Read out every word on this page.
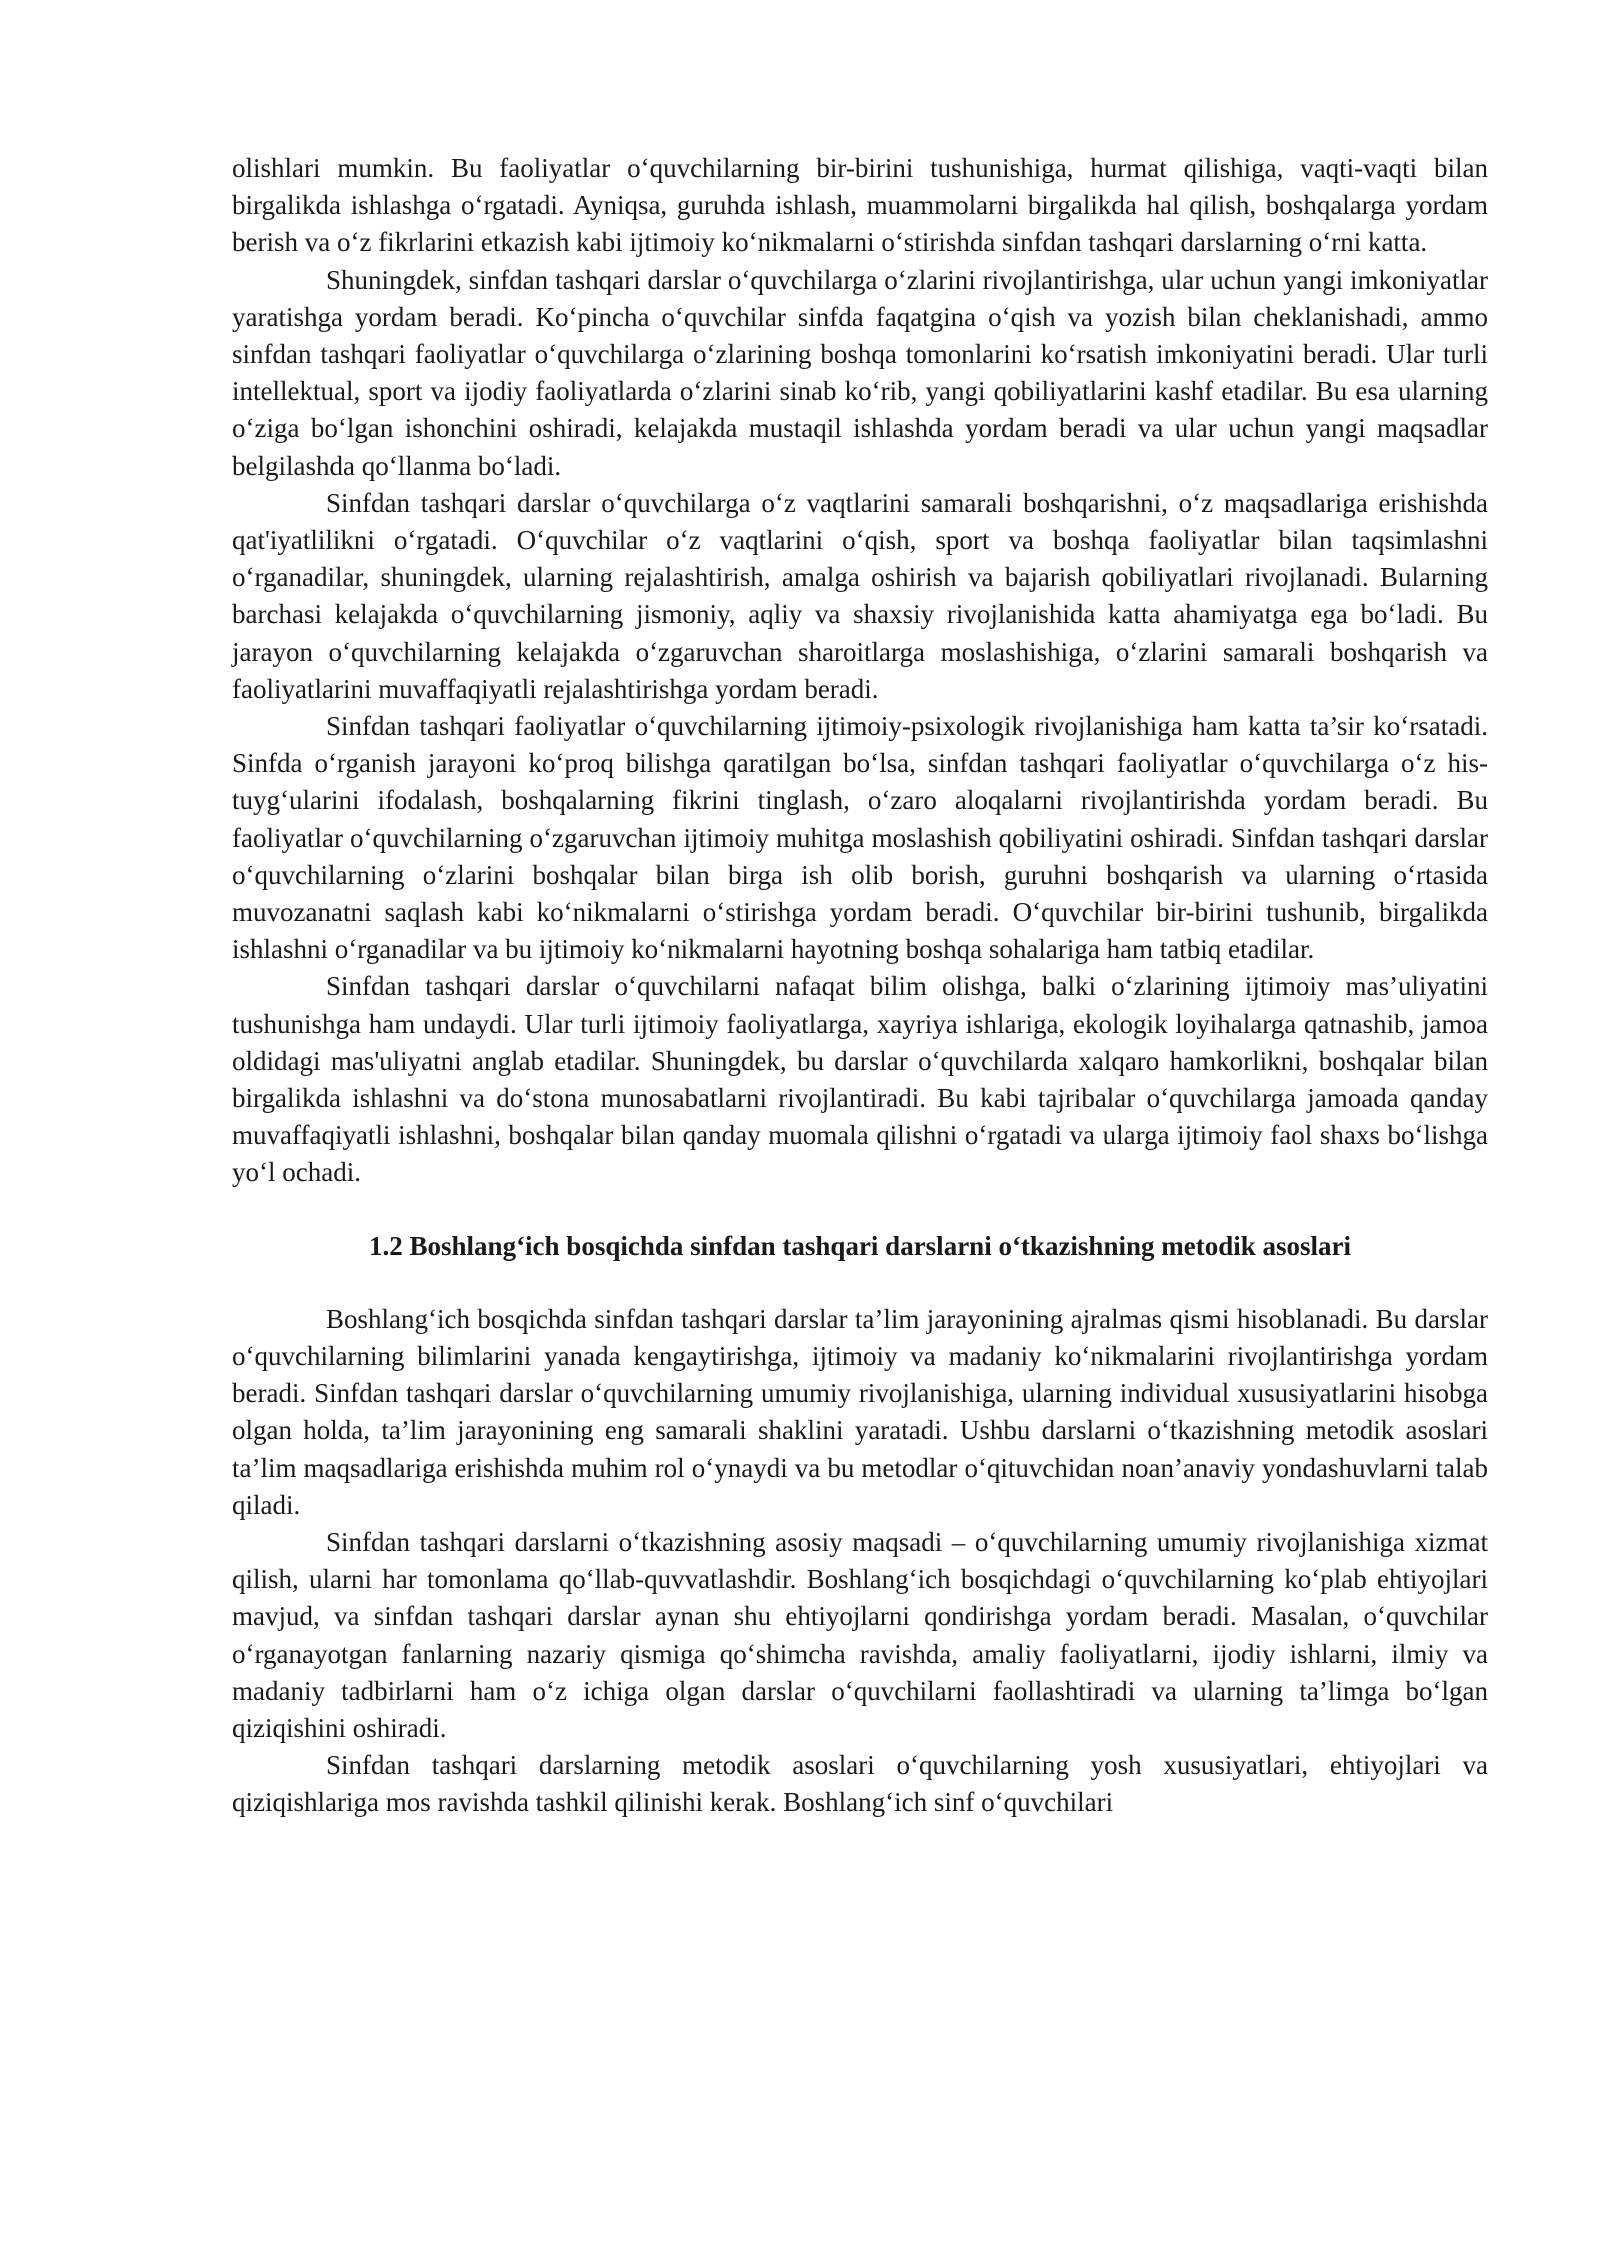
olishlari mumkin. Bu faoliyatlar o‘quvchilarning bir-birini tushunishiga, hurmat qilishiga, vaqti-vaqti bilan birgalikda ishlashga o‘rgatadi. Ayniqsa, guruhda ishlash, muammolarni birgalikda hal qilish, boshqalarga yordam berish va o‘z fikrlarini etkazish kabi ijtimoiy ko‘nikmalarni o‘stirishda sinfdan tashqari darslarning o‘rni katta.

Shuningdek, sinfdan tashqari darslar o‘quvchilarga o‘zlarini rivojlantirishga, ular uchun yangi imkoniyatlar yaratishga yordam beradi. Ko‘pincha o‘quvchilar sinfda faqatgina o‘qish va yozish bilan cheklanishadi, ammo sinfdan tashqari faoliyatlar o‘quvchilarga o‘zlarining boshqa tomonlarini ko‘rsatish imkoniyatini beradi. Ular turli intellektual, sport va ijodiy faoliyatlarda o‘zlarini sinab ko‘rib, yangi qobiliyatlarini kashf etadilar. Bu esa ularning o‘ziga bo‘lgan ishonchini oshiradi, kelajakda mustaqil ishlashda yordam beradi va ular uchun yangi maqsadlar belgilashda qo‘llanma bo‘ladi.

Sinfdan tashqari darslar o‘quvchilarga o‘z vaqtlarini samarali boshqarishni, o‘z maqsadlariga erishishda qat'iyatlilikni o‘rgatadi. O‘quvchilar o‘z vaqtlarini o‘qish, sport va boshqa faoliyatlar bilan taqsimlashni o‘rganadilar, shuningdek, ularning rejalashtirish, amalga oshirish va bajarish qobiliyatlari rivojlanadi. Bularning barchasi kelajakda o‘quvchilarning jismoniy, aqliy va shaxsiy rivojlanishida katta ahamiyatga ega bo‘ladi. Bu jarayon o‘quvchilarning kelajakda o‘zgaruvchan sharoitlarga moslashishiga, o‘zlarini samarali boshqarish va faoliyatlarini muvaffaqiyatli rejalashtirishga yordam beradi.

Sinfdan tashqari faoliyatlar o‘quvchilarning ijtimoiy-psixologik rivojlanishiga ham katta ta’sir ko‘rsatadi. Sinfda o‘rganish jarayoni ko‘proq bilishga qaratilgan bo‘lsa, sinfdan tashqari faoliyatlar o‘quvchilarga o‘z his-tuyg‘ularini ifodalash, boshqalarning fikrini tinglash, o‘zaro aloqalarni rivojlantirishda yordam beradi. Bu faoliyatlar o‘quvchilarning o‘zgaruvchan ijtimoiy muhitga moslashish qobiliyatini oshiradi. Sinfdan tashqari darslar o‘quvchilarning o‘zlarini boshqalar bilan birga ish olib borish, guruhni boshqarish va ularning o‘rtasida muvozanatni saqlash kabi ko‘nikmalarni o‘stirishga yordam beradi. O‘quvchilar bir-birini tushunib, birgalikda ishlashni o‘rganadilar va bu ijtimoiy ko‘nikmalarni hayotning boshqa sohalariga ham tatbiq etadilar.

Sinfdan tashqari darslar o‘quvchilarni nafaqat bilim olishga, balki o‘zlarining ijtimoiy mas’uliyatini tushunishga ham undaydi. Ular turli ijtimoiy faoliyatlarga, xayriya ishlariga, ekologik loyihalarga qatnashib, jamoa oldidagi mas'uliyatni anglab etadilar. Shuningdek, bu darslar o‘quvchilarda xalqaro hamkorlikni, boshqalar bilan birgalikda ishlashni va do‘stona munosabatlarni rivojlantiradi. Bu kabi tajribalar o‘quvchilarga jamoada qanday muvaffaqiyatli ishlashni, boshqalar bilan qanday muomala qilishni o‘rgatadi va ularga ijtimoiy faol shaxs bo‘lishga yo‘l ochadi.

1.2 Boshlang‘ich bosqichda sinfdan tashqari darslarni o‘tkazishning metodik asoslari

Boshlang‘ich bosqichda sinfdan tashqari darslar ta’lim jarayonining ajralmas qismi hisoblanadi. Bu darslar o‘quvchilarning bilimlarini yanada kengaytirishga, ijtimoiy va madaniy ko‘nikmalarini rivojlantirishga yordam beradi. Sinfdan tashqari darslar o‘quvchilarning umumiy rivojlanishiga, ularning individual xususiyatlarini hisobga olgan holda, ta’lim jarayonining eng samarali shaklini yaratadi. Ushbu darslarni o‘tkazishning metodik asoslari ta’lim maqsadlariga erishishda muhim rol o‘ynaydi va bu metodlar o‘qituvchidan noan’anaviy yondashuvlarni talab qiladi.

Sinfdan tashqari darslarni o‘tkazishning asosiy maqsadi – o‘quvchilarning umumiy rivojlanishiga xizmat qilish, ularni har tomonlama qo‘llab-quvvatlashdir. Boshlang‘ich bosqichdagi o‘quvchilarning ko‘plab ehtiyojlari mavjud, va sinfdan tashqari darslar aynan shu ehtiyojlarni qondirishga yordam beradi. Masalan, o‘quvchilar o‘rganayotgan fanlarning nazariy qismiga qo‘shimcha ravishda, amaliy faoliyatlarni, ijodiy ishlarni, ilmiy va madaniy tadbirlarni ham o‘z ichiga olgan darslar o‘quvchilarni faollashtiradi va ularning ta’limga bo‘lgan qiziqishini oshiradi.

Sinfdan tashqari darslarning metodik asoslari o‘quvchilarning yosh xususiyatlari, ehtiyojlari va qiziqishlariga mos ravishda tashkil qilinishi kerak. Boshlang‘ich sinf o‘quvchilari
